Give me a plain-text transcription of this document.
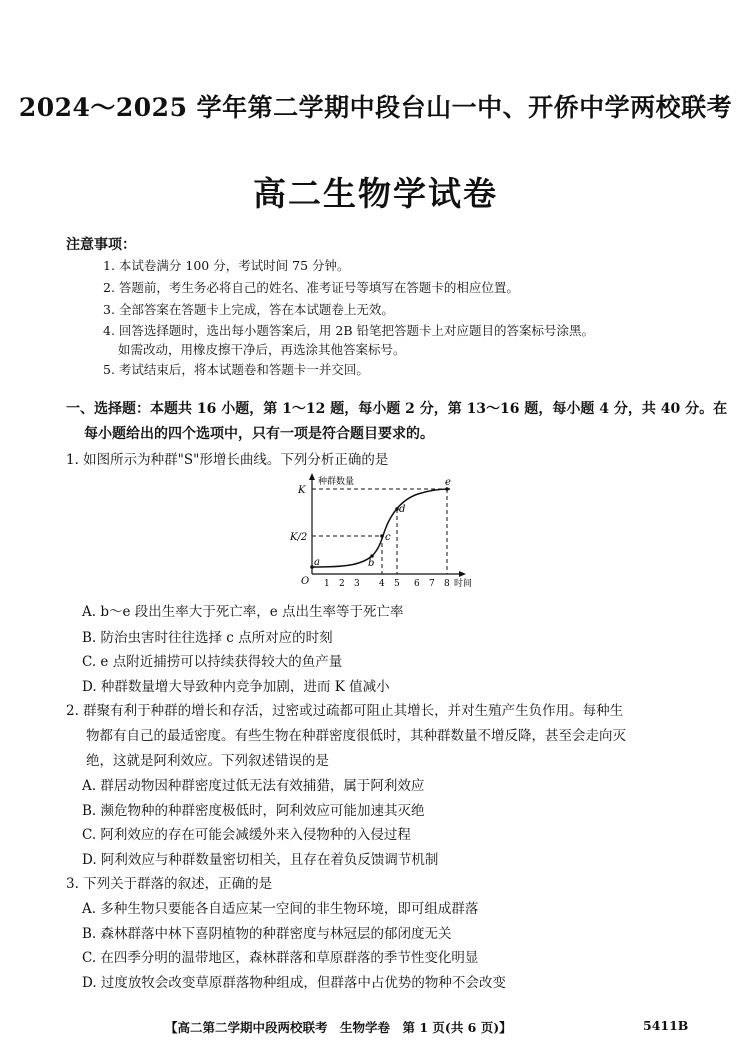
2024～2025 学年第二学期中段台山一中、开侨中学两校联考
高二生物学试卷
注意事项：
1. 本试卷满分 100 分，考试时间 75 分钟。
2. 答题前，考生务必将自己的姓名、准考证号等填写在答题卡的相应位置。
3. 全部答案在答题卡上完成，答在本试题卷上无效。
4. 回答选择题时，选出每小题答案后，用 2B 铅笔把答题卡上对应题目的答案标号涂黑。
如需改动，用橡皮擦干净后，再选涂其他答案标号。
5. 考试结束后，将本试题卷和答题卡一并交回。
一、选择题：本题共 16 小题，第 1～12 题，每小题 2 分，第 13～16 题，每小题 4 分，共 40 分。在
每小题给出的四个选项中，只有一项是符合题目要求的。
1. 如图所示为种群"S"形增长曲线。下列分析正确的是
种群数量
时间
O
K
K/2
1 2 3 4 5 6 7 8
a	b
c
d
e
A. b～e 段出生率大于死亡率，e 点出生率等于死亡率
B. 防治虫害时往往选择 c 点所对应的时刻
C. e 点附近捕捞可以持续获得较大的鱼产量
D. 种群数量增大导致种内竞争加剧，进而 K 值减小
2. 群聚有利于种群的增长和存活，过密或过疏都可阻止其增长，并对生殖产生负作用。每种生
物都有自己的最适密度。有些生物在种群密度很低时，其种群数量不增反降，甚至会走向灭
绝，这就是阿利效应。下列叙述错误的是
A. 群居动物因种群密度过低无法有效捕猎，属于阿利效应
B. 濒危物种的种群密度极低时，阿利效应可能加速其灭绝
C. 阿利效应的存在可能会减缓外来入侵物种的入侵过程
D. 阿利效应与种群数量密切相关，且存在着负反馈调节机制
3. 下列关于群落的叙述，正确的是
A. 多种生物只要能各自适应某一空间的非生物环境，即可组成群落
B. 森林群落中林下喜阴植物的种群密度与林冠层的郁闭度无关
C. 在四季分明的温带地区，森林群落和草原群落的季节性变化明显
D. 过度放牧会改变草原群落物种组成，但群落中占优势的物种不会改变
【高二第二学期中段两校联考　生物学卷　第 1 页(共 6 页)】	5411B
